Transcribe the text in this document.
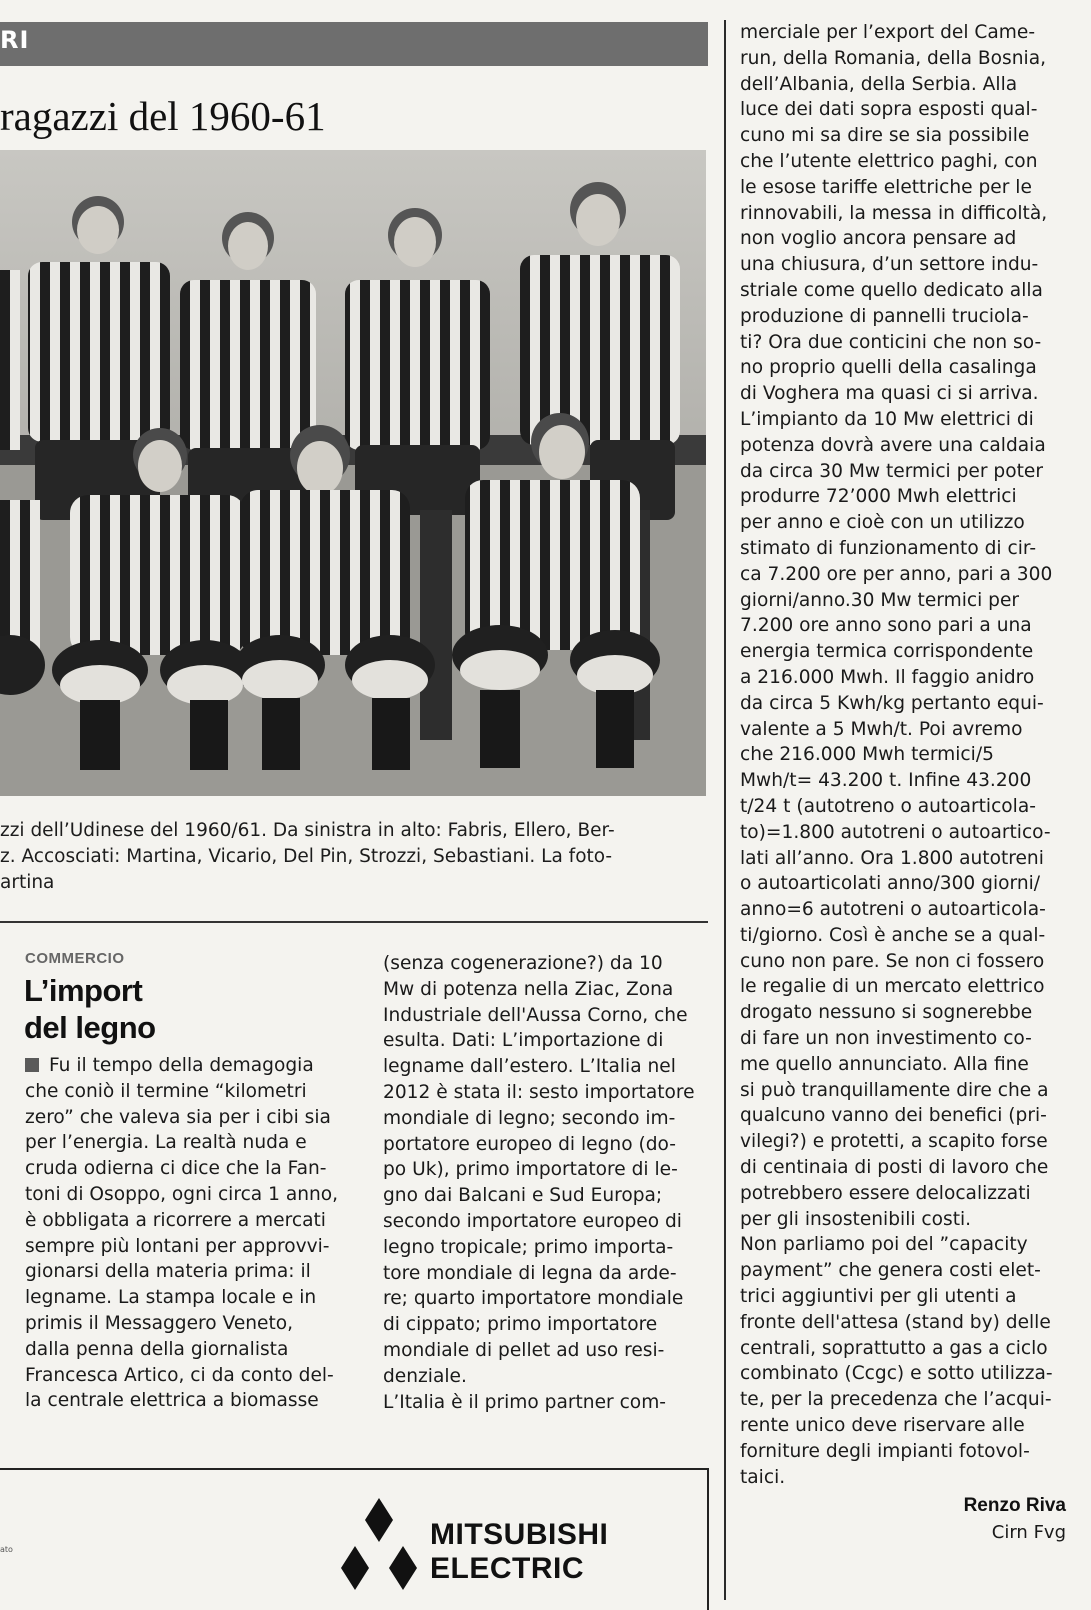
RI
ragazzi del 1960-61
zzi dell’Udinese del 1960/61. Da sinistra in alto: Fabris, Ellero, Ber-
z. Accosciati: Martina, Vicario, Del Pin, Strozzi, Sebastiani. La foto-
artina
COMMERCIO
L’import
del legno
Fu il tempo della demagogia
che coniò il termine “kilometri
zero” che valeva sia per i cibi sia
per l’energia. La realtà nuda e
cruda odierna ci dice che la Fan-
toni di Osoppo, ogni circa 1 anno,
è obbligata a ricorrere a mercati
sempre più lontani per approvvi-
gionarsi della materia prima: il
legname. La stampa locale e in
primis il Messaggero Veneto,
dalla penna della giornalista
Francesca Artico, ci da conto del-
la centrale elettrica a biomasse
(senza cogenerazione?) da 10
Mw di potenza nella Ziac, Zona
Industriale dell'Aussa Corno, che
esulta. Dati: L’importazione di
legname dall’estero. L’Italia nel
2012 è stata il: sesto importatore
mondiale di legno; secondo im-
portatore europeo di legno (do-
po Uk), primo importatore di le-
gno dai Balcani e Sud Europa;
secondo importatore europeo di
legno tropicale; primo importa-
tore mondiale di legna da arde-
re; quarto importatore mondiale
di cippato; primo importatore
mondiale di pellet ad uso resi-
denziale.
L’Italia è il primo partner com-
merciale per l’export del Came-
run, della Romania, della Bosnia,
dell’Albania, della Serbia. Alla
luce dei dati sopra esposti qual-
cuno mi sa dire se sia possibile
che l’utente elettrico paghi, con
le esose tariffe elettriche per le
rinnovabili, la messa in difficoltà,
non voglio ancora pensare ad
una chiusura, d’un settore indu-
striale come quello dedicato alla
produzione di pannelli truciola-
ti? Ora due conticini che non so-
no proprio quelli della casalinga
di Voghera ma quasi ci si arriva.
L’impianto da 10 Mw elettrici di
potenza dovrà avere una caldaia
da circa 30 Mw termici per poter
produrre 72’000 Mwh elettrici
per anno e cioè con un utilizzo
stimato di funzionamento di cir-
ca 7.200 ore per anno, pari a 300
giorni/anno.30 Mw termici per
7.200 ore anno sono pari a una
energia termica corrispondente
a 216.000 Mwh. Il faggio anidro
da circa 5 Kwh/kg pertanto equi-
valente a 5 Mwh/t. Poi avremo
che 216.000 Mwh termici/5
Mwh/t= 43.200 t. Infine 43.200
t/24 t (autotreno o autoarticola-
to)=1.800 autotreni o autoartico-
lati all’anno. Ora 1.800 autotreni
o autoarticolati anno/300 giorni/
anno=6 autotreni o autoarticola-
ti/giorno. Così è anche se a qual-
cuno non pare. Se non ci fossero
le regalie di un mercato elettrico
drogato nessuno si sognerebbe
di fare un non investimento co-
me quello annunciato. Alla fine
si può tranquillamente dire che a
qualcuno vanno dei benefici (pri-
vilegi?) e protetti, a scapito forse
di centinaia di posti di lavoro che
potrebbero essere delocalizzati
per gli insostenibili costi.
Non parliamo poi del ”capacity
payment” che genera costi elet-
trici aggiuntivi per gli utenti a
fronte dell'attesa (stand by) delle
centrali, soprattutto a gas a ciclo
combinato (Ccgc) e sotto utilizza-
te, per la precedenza che l’acqui-
rente unico deve riservare alle
forniture degli impianti fotovol-
taici.
Renzo Riva
Cirn Fvg
MITSUBISHI
ELECTRIC
ato
